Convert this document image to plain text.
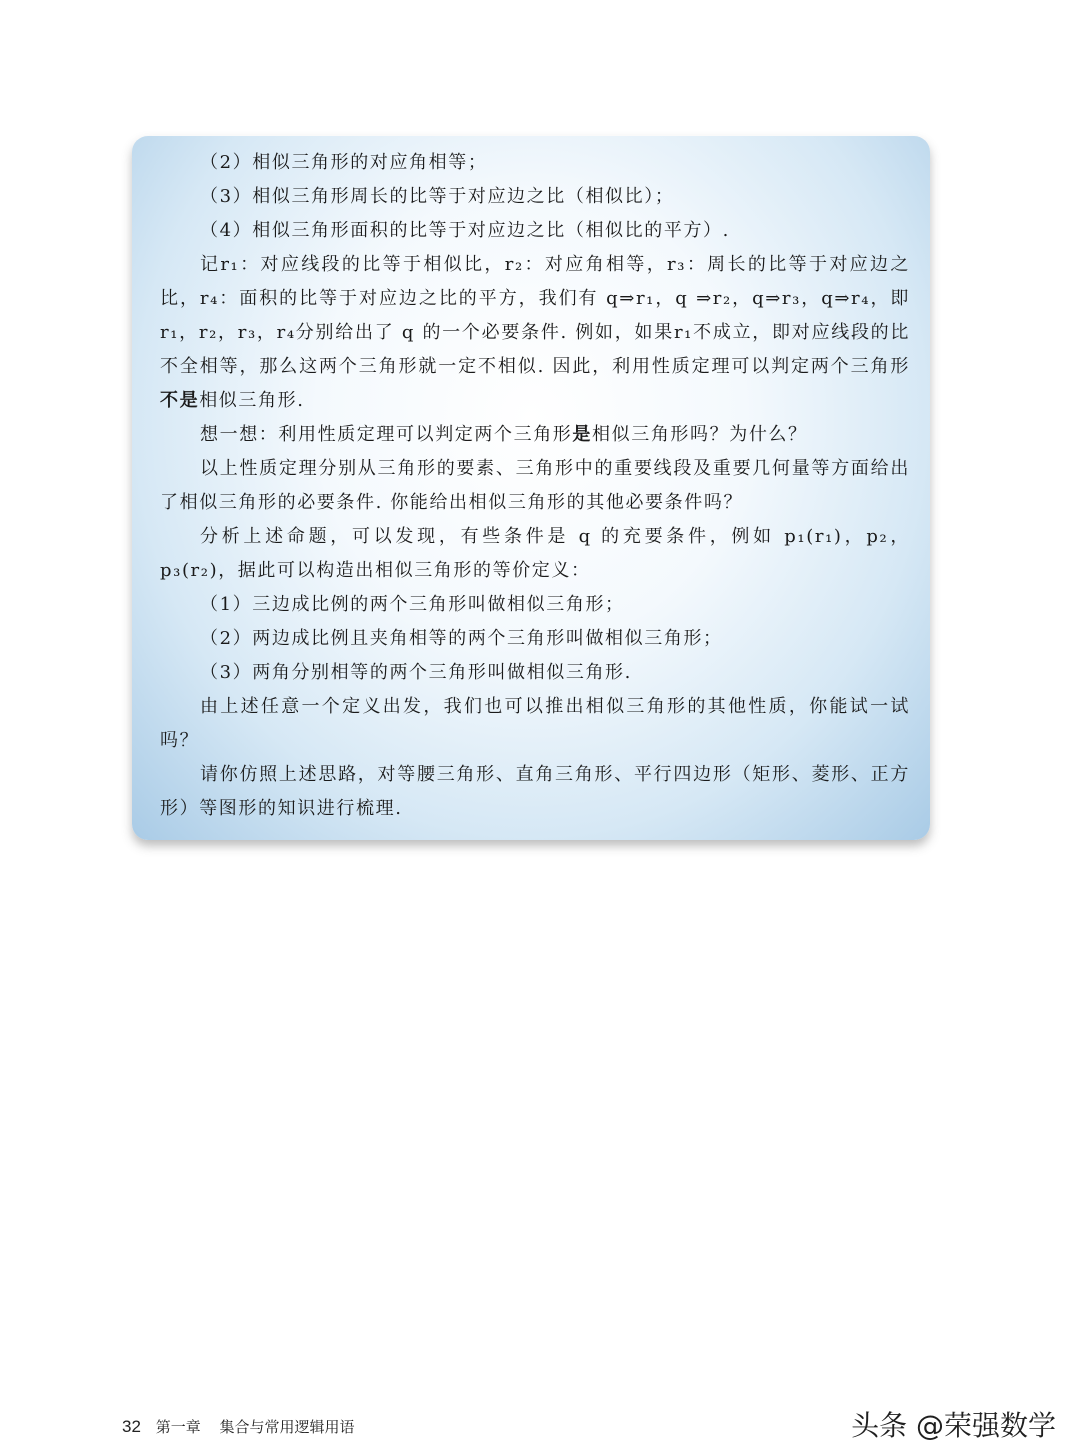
（2）相似三角形的对应角相等；

（3）相似三角形周长的比等于对应边之比（相似比）；

（4）相似三角形面积的比等于对应边之比（相似比的平方）.

记r₁：对应线段的比等于相似比，r₂：对应角相等，r₃：周长的比等于对应边之比，r₄：面积的比等于对应边之比的平方，我们有 q⇒r₁，q ⇒r₂，q⇒r₃，q⇒r₄，即r₁，r₂，r₃，r₄分别给出了 q 的一个必要条件. 例如，如果r₁不成立，即对应线段的比不全相等，那么这两个三角形就一定不相似. 因此，利用性质定理可以判定两个三角形不是相似三角形.

想一想：利用性质定理可以判定两个三角形是相似三角形吗？为什么？

以上性质定理分别从三角形的要素、三角形中的重要线段及重要几何量等方面给出了相似三角形的必要条件. 你能给出相似三角形的其他必要条件吗？

分析上述命题，可以发现，有些条件是 q 的充要条件，例如 p₁(r₁)，p₂，p₃(r₂)，据此可以构造出相似三角形的等价定义：

（1）三边成比例的两个三角形叫做相似三角形；

（2）两边成比例且夹角相等的两个三角形叫做相似三角形；

（3）两角分别相等的两个三角形叫做相似三角形.

由上述任意一个定义出发，我们也可以推出相似三角形的其他性质，你能试一试吗？

请你仿照上述思路，对等腰三角形、直角三角形、平行四边形（矩形、菱形、正方形）等图形的知识进行梳理.

32 第一章 集合与常用逻辑用语	头条 @荣强数学
